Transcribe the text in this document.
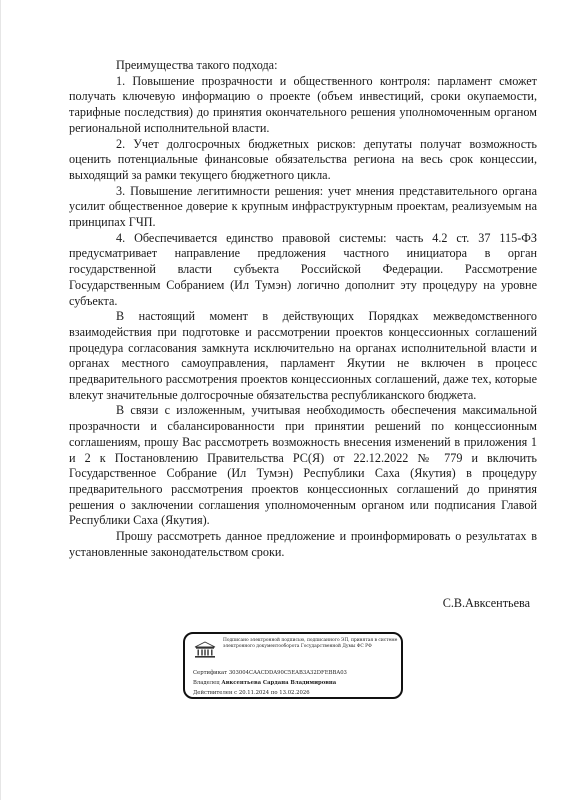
Преимущества такого подхода:

1. Повышение прозрачности и общественного контроля: парламент сможет получать ключевую информацию о проекте (объем инвестиций, сроки окупаемости, тарифные последствия) до принятия окончательного решения уполномоченным органом региональной исполнительной власти.

2. Учет долгосрочных бюджетных рисков: депутаты получат возможность оценить потенциальные финансовые обязательства региона на весь срок концессии, выходящий за рамки текущего бюджетного цикла.

3. Повышение легитимности решения: учет мнения представительного органа усилит общественное доверие к крупным инфраструктурным проектам, реализуемым на принципах ГЧП.

4. Обеспечивается единство правовой системы: часть 4.2 ст. 37 115-ФЗ предусматривает направление предложения частного инициатора в орган государственной власти субъекта Российской Федерации. Рассмотрение Государственным Собранием (Ил Тумэн) логично дополнит эту процедуру на уровне субъекта.

В настоящий момент в действующих Порядках межведомственного взаимодействия при подготовке и рассмотрении проектов концессионных соглашений процедура согласования замкнута исключительно на органах исполнительной власти и органах местного самоуправления, парламент Якутии не включен в процесс предварительного рассмотрения проектов концессионных соглашений, даже тех, которые влекут значительные долгосрочные обязательства республиканского бюджета.

В связи с изложенным, учитывая необходимость обеспечения максимальной прозрачности и сбалансированности при принятии решений по концессионным соглашениям, прошу Вас рассмотреть возможность внесения изменений в приложения 1 и 2 к Постановлению Правительства РС(Я) от 22.12.2022 № 779 и включить Государственное Собрание (Ил Тумэн) Республики Саха (Якутия) в процедуру предварительного рассмотрения проектов концессионных соглашений до принятия решения о заключении соглашения уполномоченным органом или подписания Главой Республики Саха (Якутия).

Прошу рассмотреть данное предложение и проинформировать о результатах в установленные законодательством сроки.

С.В.Авксентьева
Подписано электронной подписью, подписанного ЭП, принятая в системе электронного документооборота Государственной Думы ФС РФ
Сертификат 303004CAACDDA90C5EAB3A32DFEBBA03
Владелец Авксентьева Сардана Владимировна
Действителен с 20.11.2024 по 13.02.2026
